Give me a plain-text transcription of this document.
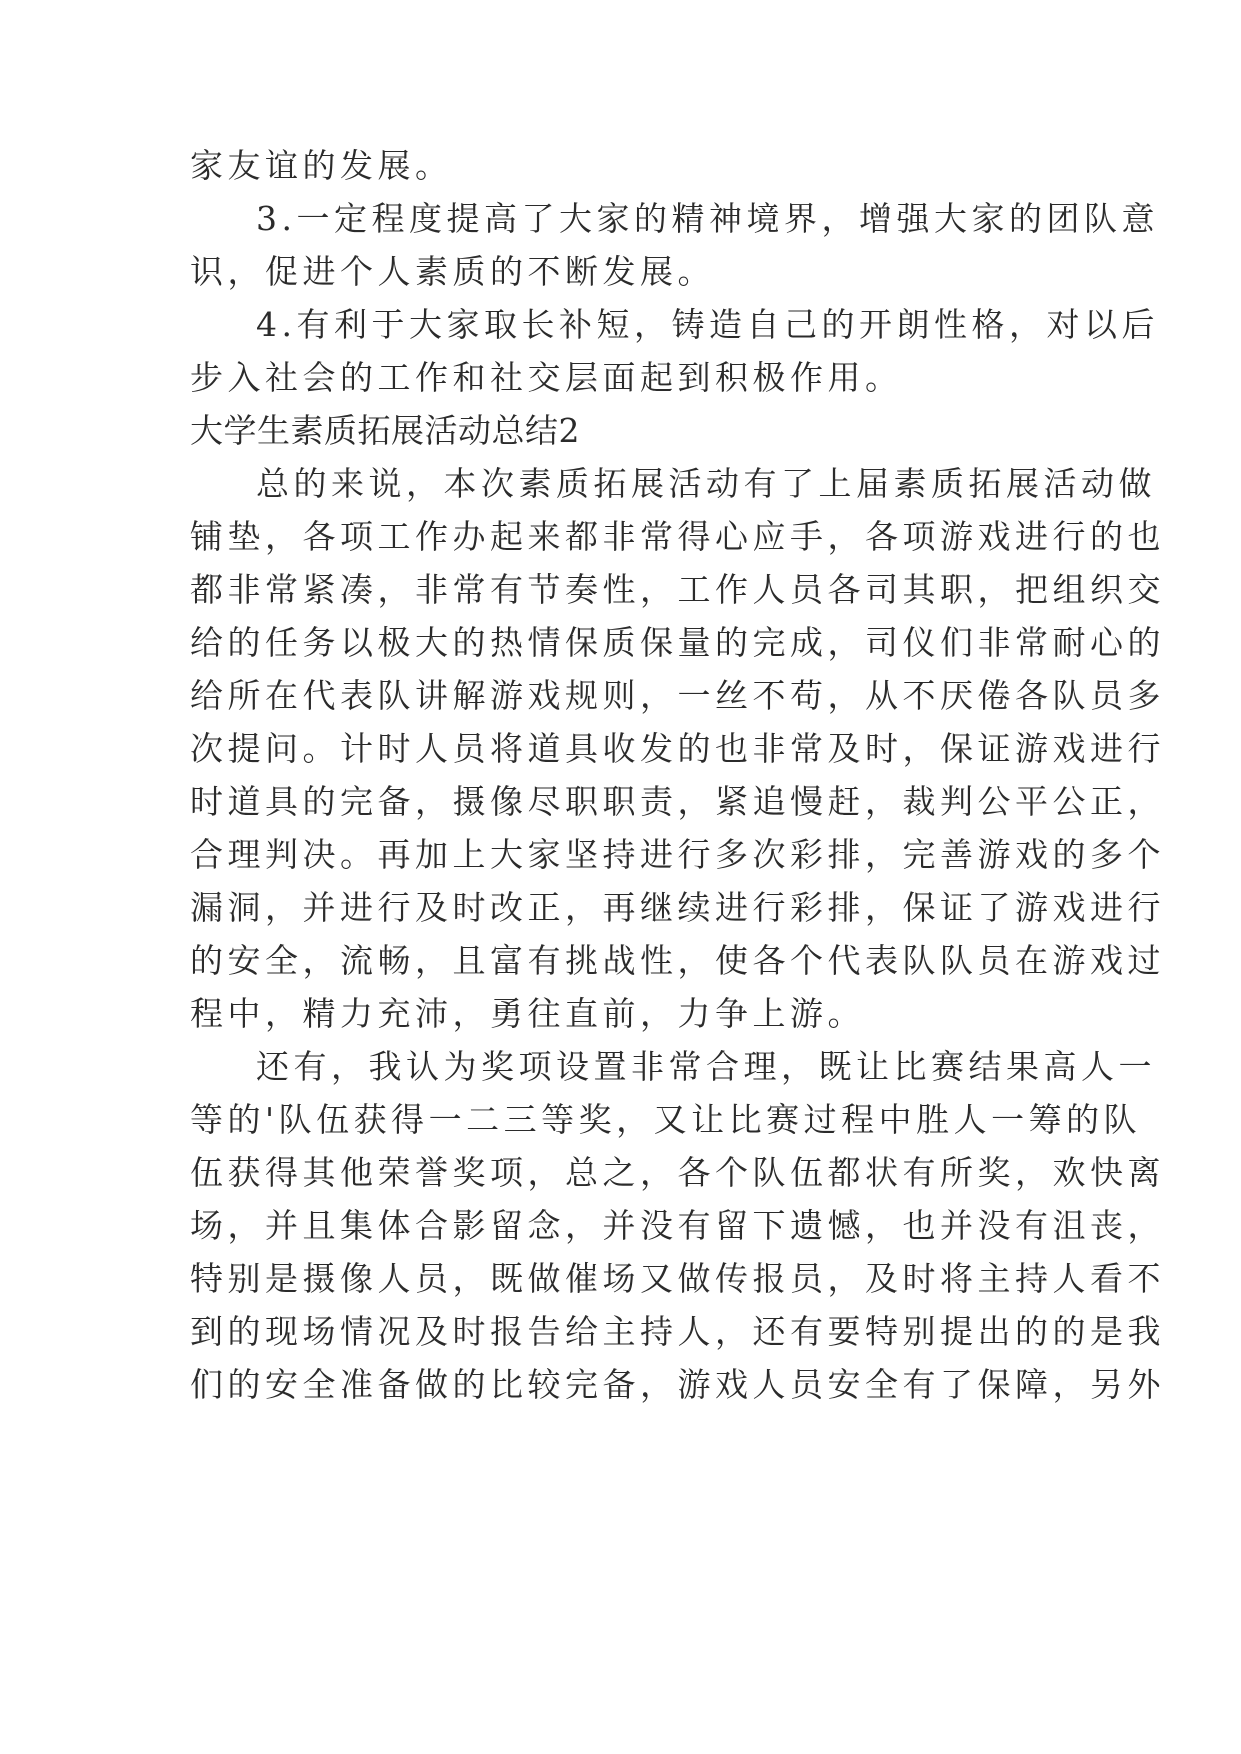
家友谊的发展。
3.一定程度提高了大家的精神境界，增强大家的团队意
识，促进个人素质的不断发展。
4.有利于大家取长补短，铸造自己的开朗性格，对以后
步入社会的工作和社交层面起到积极作用。
大学生素质拓展活动总结2
总的来说，本次素质拓展活动有了上届素质拓展活动做
铺垫，各项工作办起来都非常得心应手，各项游戏进行的也
都非常紧凑，非常有节奏性，工作人员各司其职，把组织交
给的任务以极大的热情保质保量的完成，司仪们非常耐心的
给所在代表队讲解游戏规则，一丝不苟，从不厌倦各队员多
次提问。计时人员将道具收发的也非常及时，保证游戏进行
时道具的完备，摄像尽职职责，紧追慢赶，裁判公平公正，
合理判决。再加上大家坚持进行多次彩排，完善游戏的多个
漏洞，并进行及时改正，再继续进行彩排，保证了游戏进行
的安全，流畅，且富有挑战性，使各个代表队队员在游戏过
程中，精力充沛，勇往直前，力争上游。
还有，我认为奖项设置非常合理，既让比赛结果高人一
等的'队伍获得一二三等奖，又让比赛过程中胜人一筹的队
伍获得其他荣誉奖项，总之，各个队伍都状有所奖，欢快离
场，并且集体合影留念，并没有留下遗憾，也并没有沮丧，
特别是摄像人员，既做催场又做传报员，及时将主持人看不
到的现场情况及时报告给主持人，还有要特别提出的的是我
们的安全准备做的比较完备，游戏人员安全有了保障，另外
